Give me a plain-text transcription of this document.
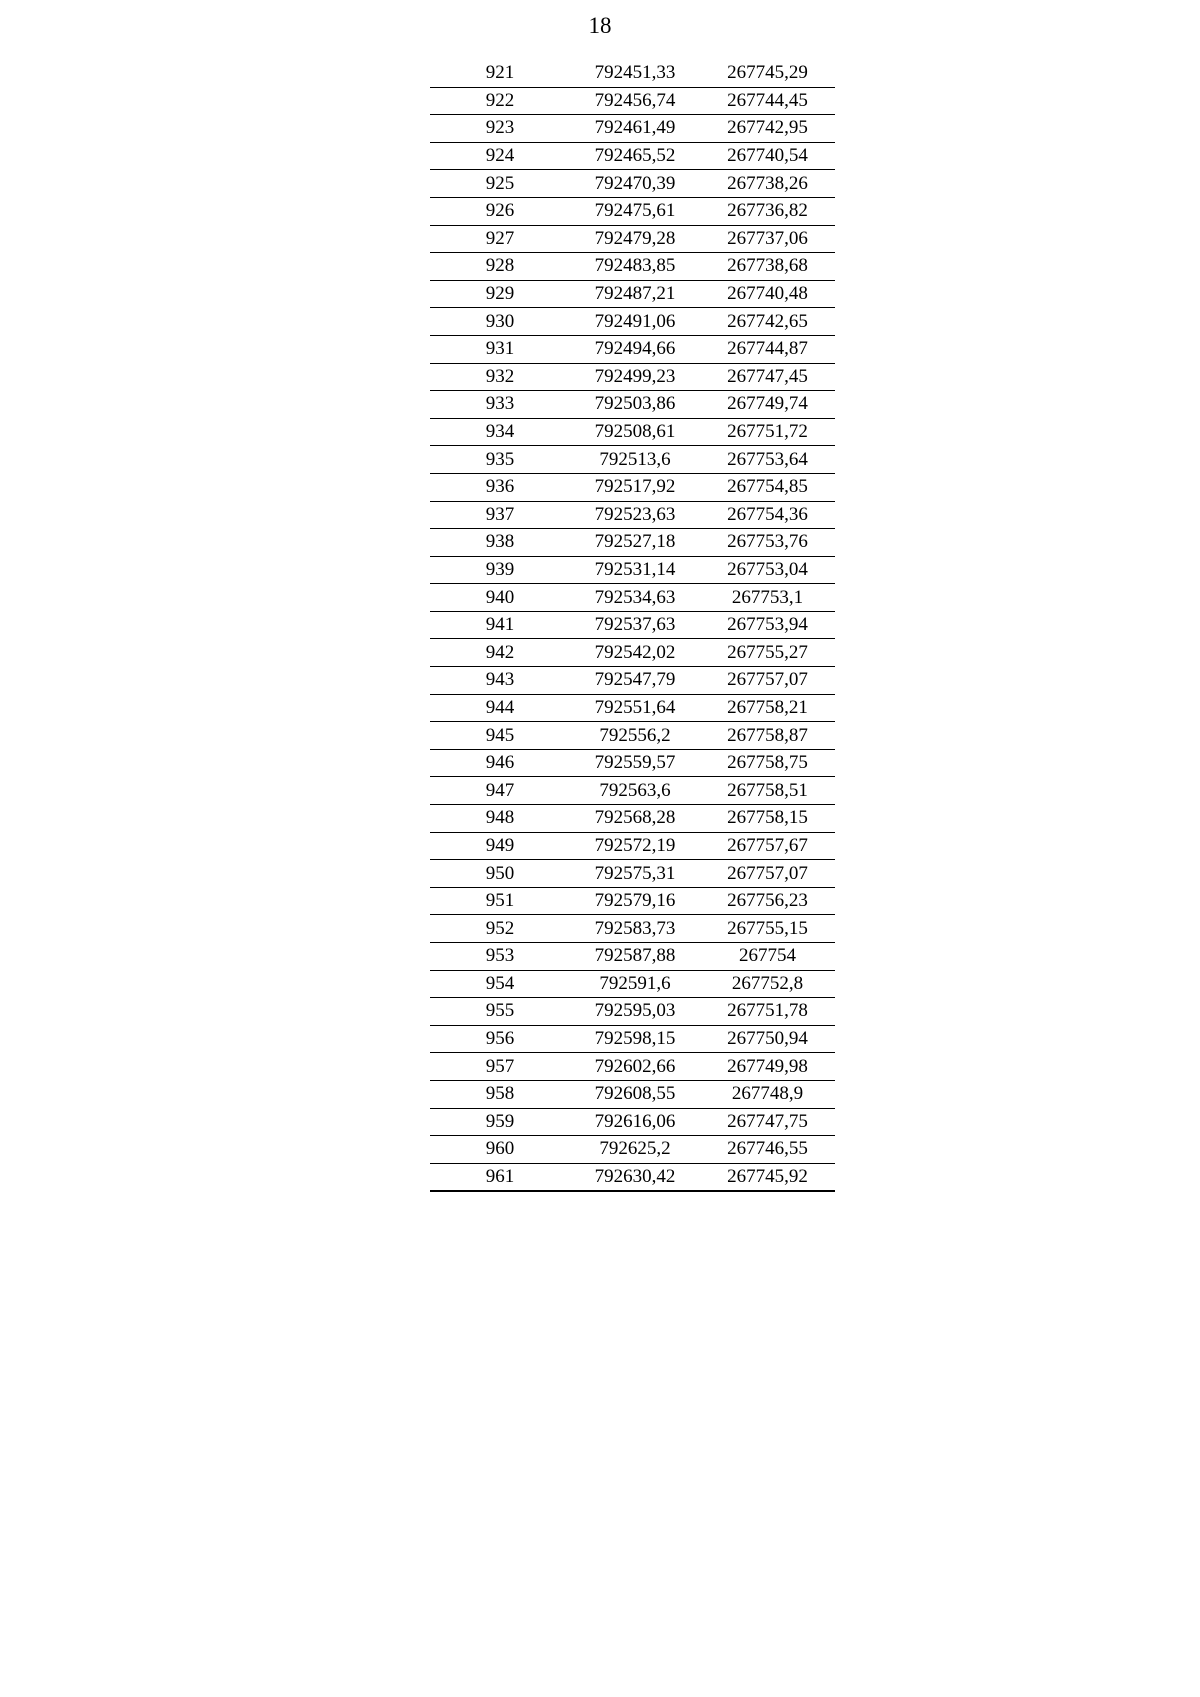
18
921	792451,33	267745,29
922	792456,74	267744,45
923	792461,49	267742,95
924	792465,52	267740,54
925	792470,39	267738,26
926	792475,61	267736,82
927	792479,28	267737,06
928	792483,85	267738,68
929	792487,21	267740,48
930	792491,06	267742,65
931	792494,66	267744,87
932	792499,23	267747,45
933	792503,86	267749,74
934	792508,61	267751,72
935	792513,6	267753,64
936	792517,92	267754,85
937	792523,63	267754,36
938	792527,18	267753,76
939	792531,14	267753,04
940	792534,63	267753,1
941	792537,63	267753,94
942	792542,02	267755,27
943	792547,79	267757,07
944	792551,64	267758,21
945	792556,2	267758,87
946	792559,57	267758,75
947	792563,6	267758,51
948	792568,28	267758,15
949	792572,19	267757,67
950	792575,31	267757,07
951	792579,16	267756,23
952	792583,73	267755,15
953	792587,88	267754
954	792591,6	267752,8
955	792595,03	267751,78
956	792598,15	267750,94
957	792602,66	267749,98
958	792608,55	267748,9
959	792616,06	267747,75
960	792625,2	267746,55
961	792630,42	267745,92
